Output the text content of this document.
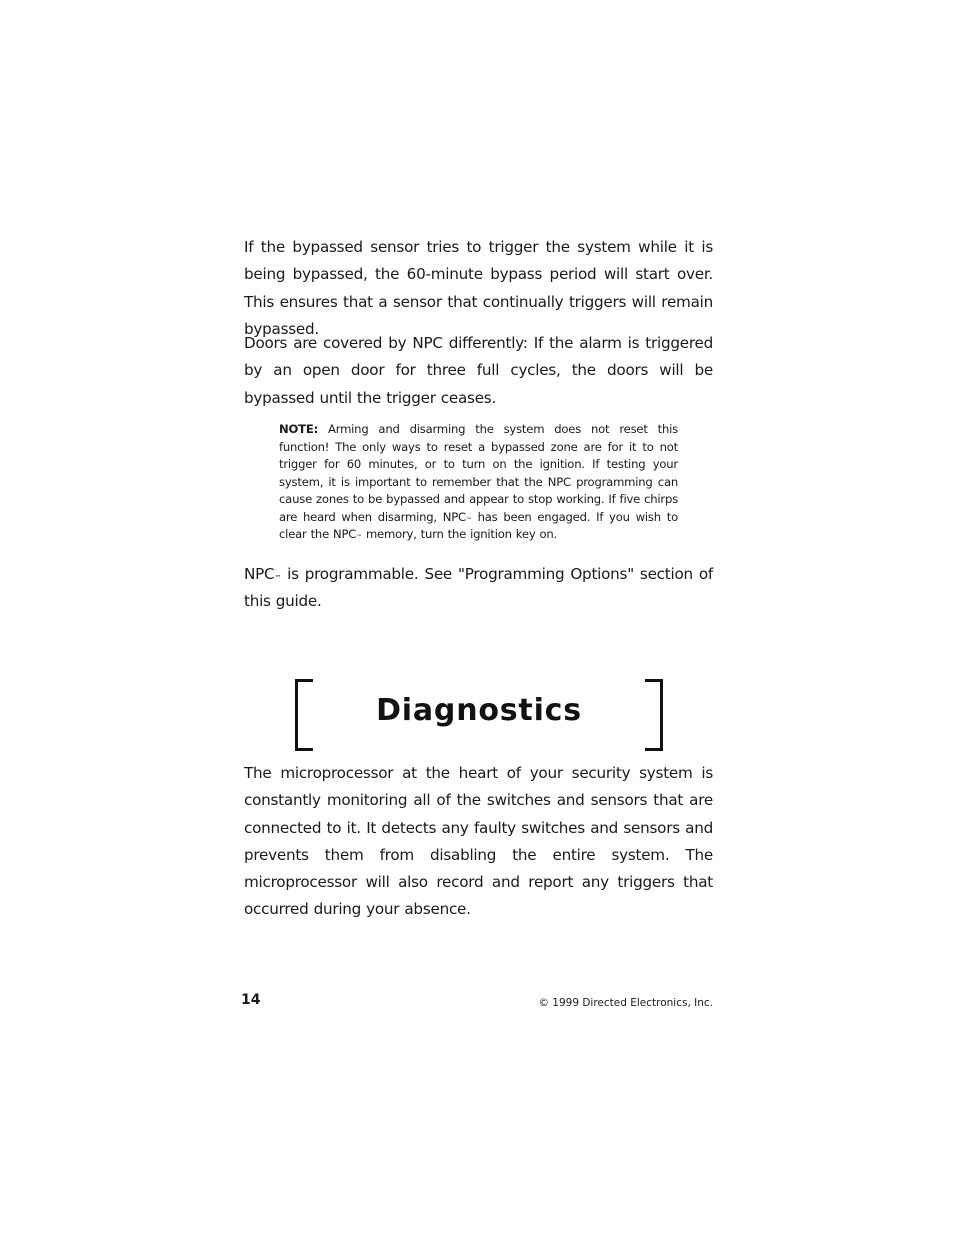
If the bypassed sensor tries to trigger the system while it is being bypassed, the 60-minute bypass period will start over. This ensures that a sensor that continually triggers will remain bypassed.

Doors are covered by NPC differently: If the alarm is triggered by an open door for three full cycles, the doors will be bypassed until the trigger ceases.

NOTE: Arming and disarming the system does not reset this function! The only ways to reset a bypassed zone are for it to not trigger for 60 minutes, or to turn on the ignition. If testing your system, it is important to remember that the NPC programming can cause zones to be bypassed and appear to stop working. If five chirps are heard when disarming, NPC™ has been engaged. If you wish to clear the NPC™ memory, turn the ignition key on.

NPC™ is programmable. See "Programming Options" section of this guide.

Diagnostics

The microprocessor at the heart of your security system is constantly monitoring all of the switches and sensors that are connected to it. It detects any faulty switches and sensors and prevents them from disabling the entire system. The microprocessor will also record and report any triggers that occurred during your absence.

14	© 1999 Directed Electronics, Inc.
